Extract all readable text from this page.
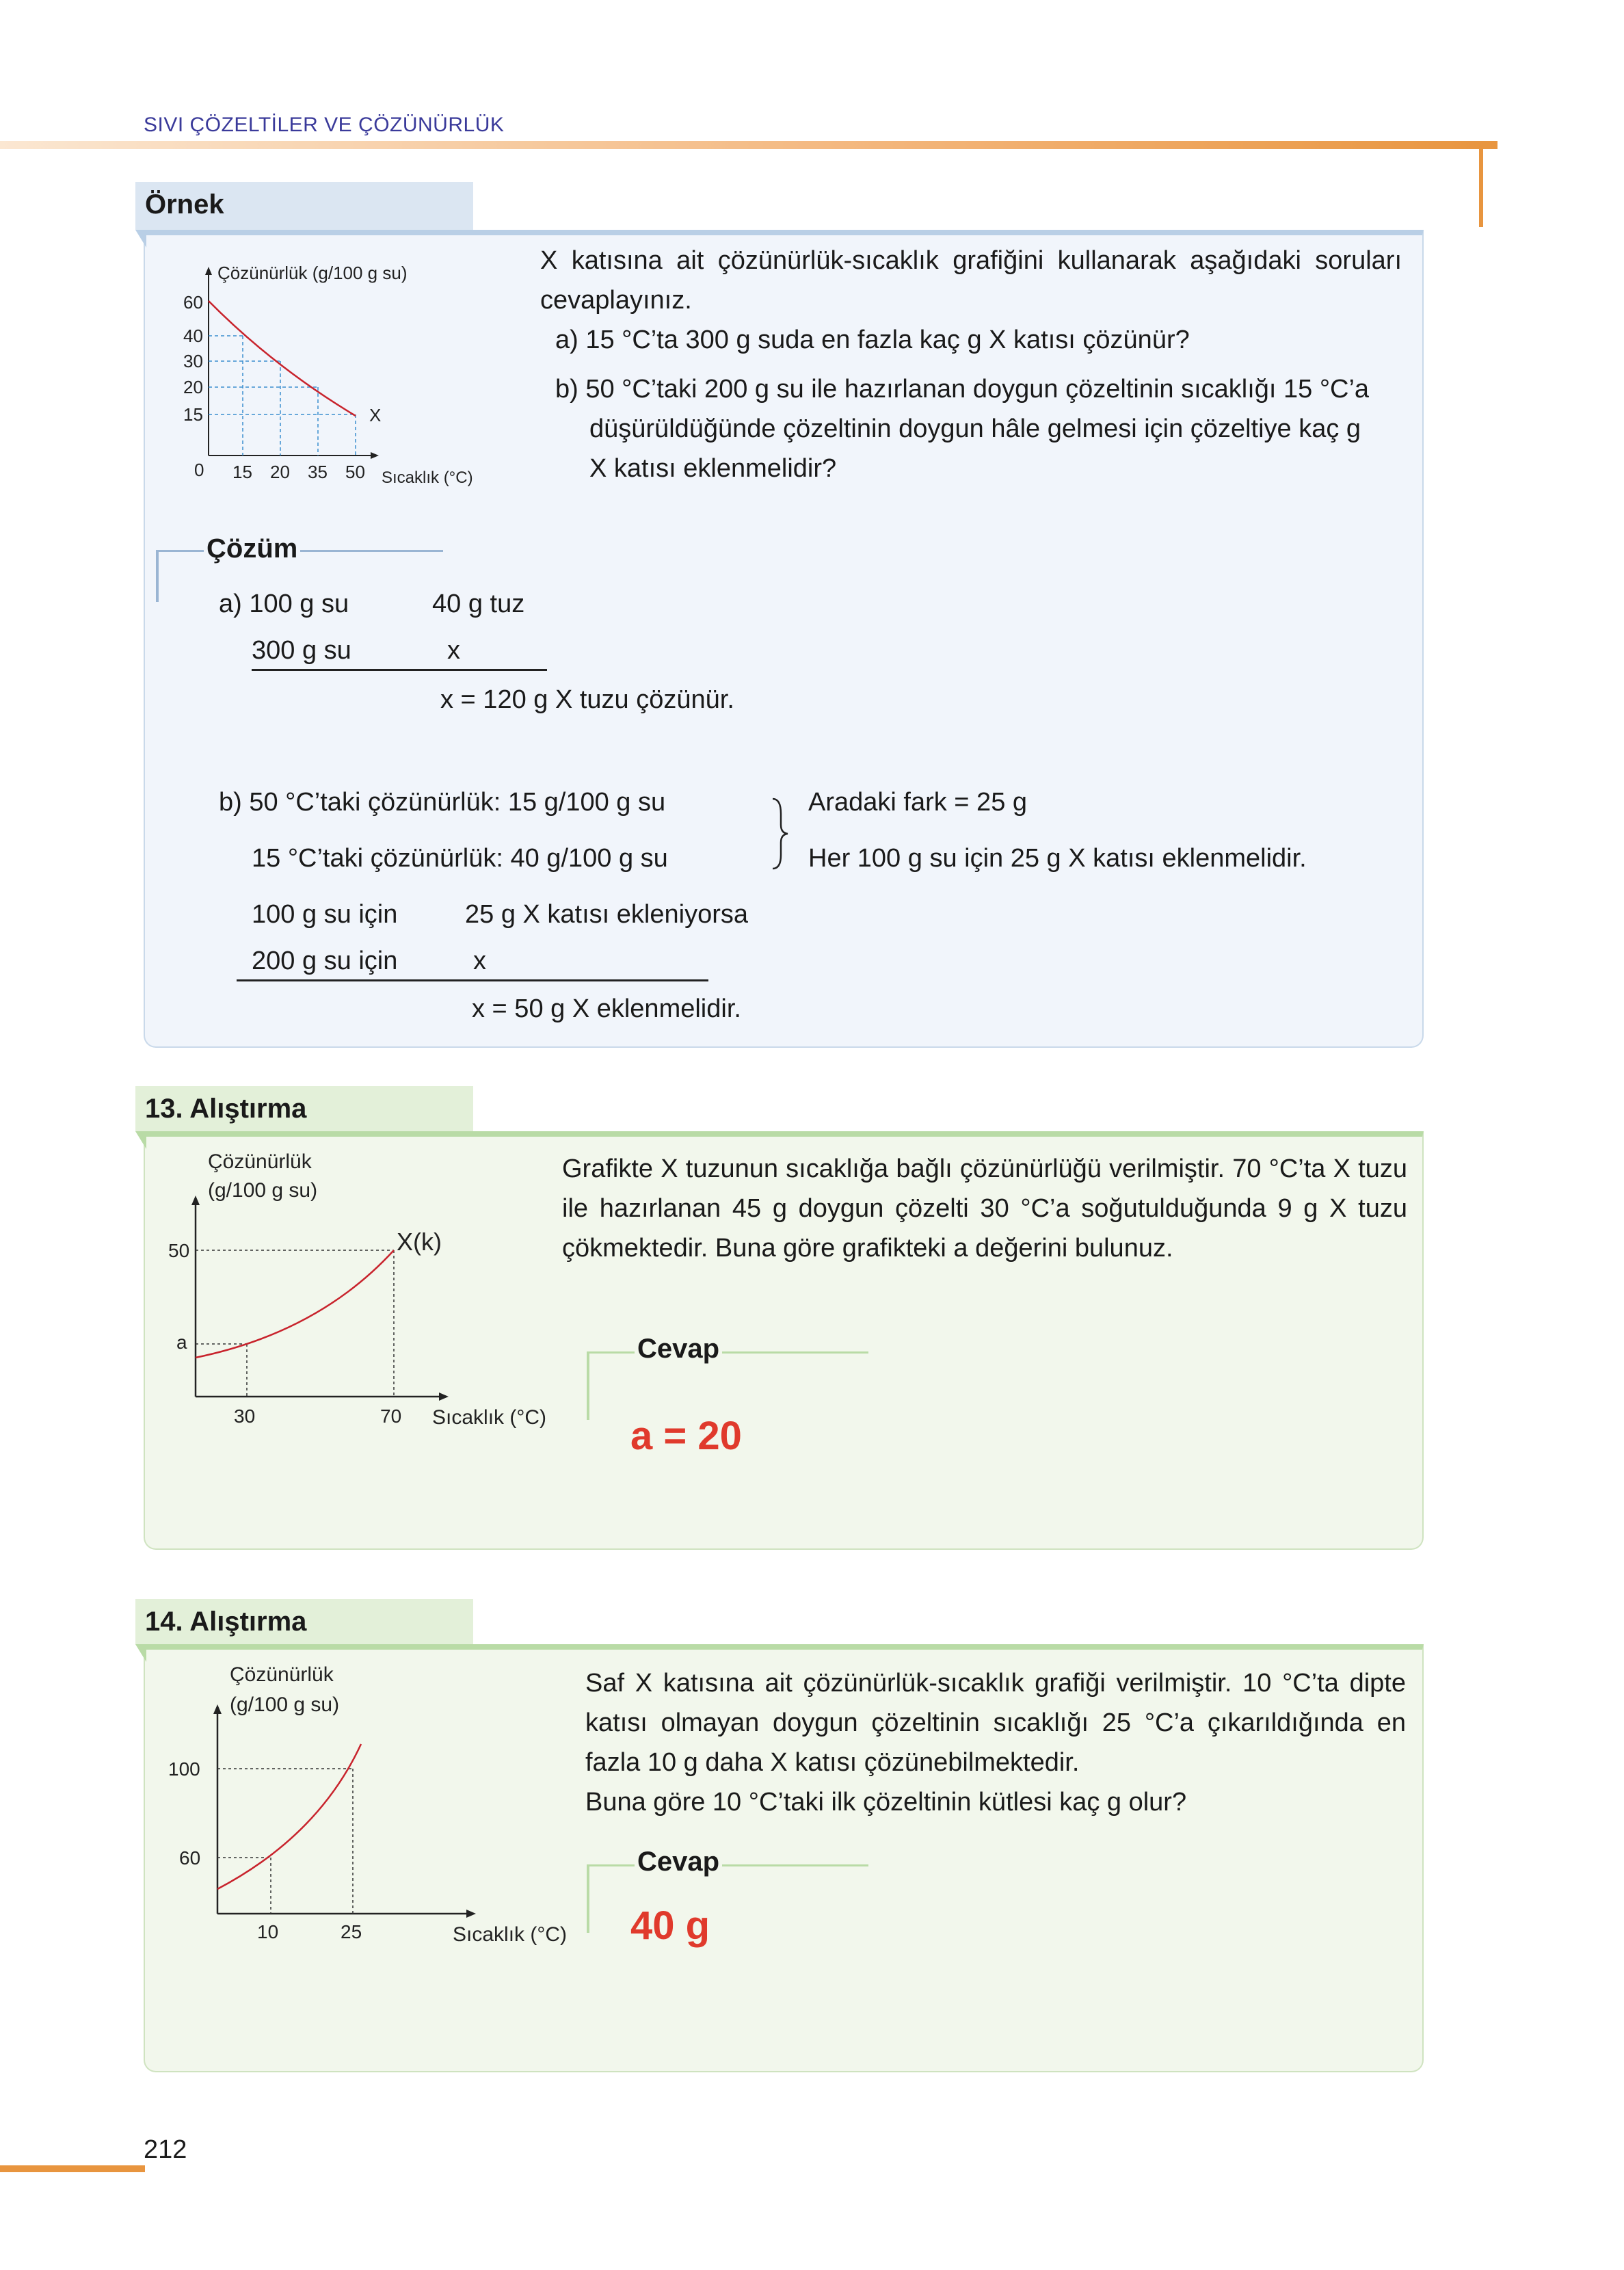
SIVI ÇÖZELTİLER VE ÇÖZÜNÜRLÜK
Örnek
Çözünürlük (g/100 g su)
60
40
30
20
15
0 15 20 35 50
X
Sıcaklık (°C)
X katısına ait çözünürlük-sıcaklık grafiğini kullanarak aşağıdaki soruları cevaplayınız.
a) 15 °C’ta 300 g suda en fazla kaç g X katısı çözünür?
b) 50 °C’taki 200 g su ile hazırlanan doygun çözeltinin sıcaklığı 15 °C’a
düşürüldüğünde çözeltinin doygun hâle gelmesi için çözeltiye kaç g
X katısı eklenmelidir?
Çözüm
a) 100 g su	40 g tuz
300 g su	x
x = 120 g X tuzu çözünür.
b) 50 °C’taki çözünürlük: 15 g/100 g su
15 °C’taki çözünürlük: 40 g/100 g su
Aradaki fark = 25 g
Her 100 g su için 25 g X katısı eklenmelidir.
100 g su için	25 g X katısı ekleniyorsa
200 g su için	x
x = 50 g X eklenmelidir.
13. Alıştırma
Çözünürlük
(g/100 g su)
50
a
30	70
X(k)
Sıcaklık (°C)
Grafikte X tuzunun sıcaklığa bağlı çözünürlüğü verilmiştir. 70 °C’ta X tuzu ile hazırlanan 45 g doygun çözelti 30 °C’a soğutulduğunda 9 g X tuzu çökmektedir. Buna göre grafikteki a değerini bulunuz.
Cevap
a = 20
14. Alıştırma
Çözünürlük
(g/100 g su)
100
60
10	25	Sıcaklık (°C)
Saf X katısına ait çözünürlük-sıcaklık grafiği verilmiştir. 10 °C’ta dipte katısı olmayan doygun çözeltinin sıcaklığı 25 °C’a çıkarıldığında en fazla 10 g daha X katısı çözünebilmektedir.
Buna göre 10 °C’taki ilk çözeltinin kütlesi kaç g olur?
Cevap
40 g
212
